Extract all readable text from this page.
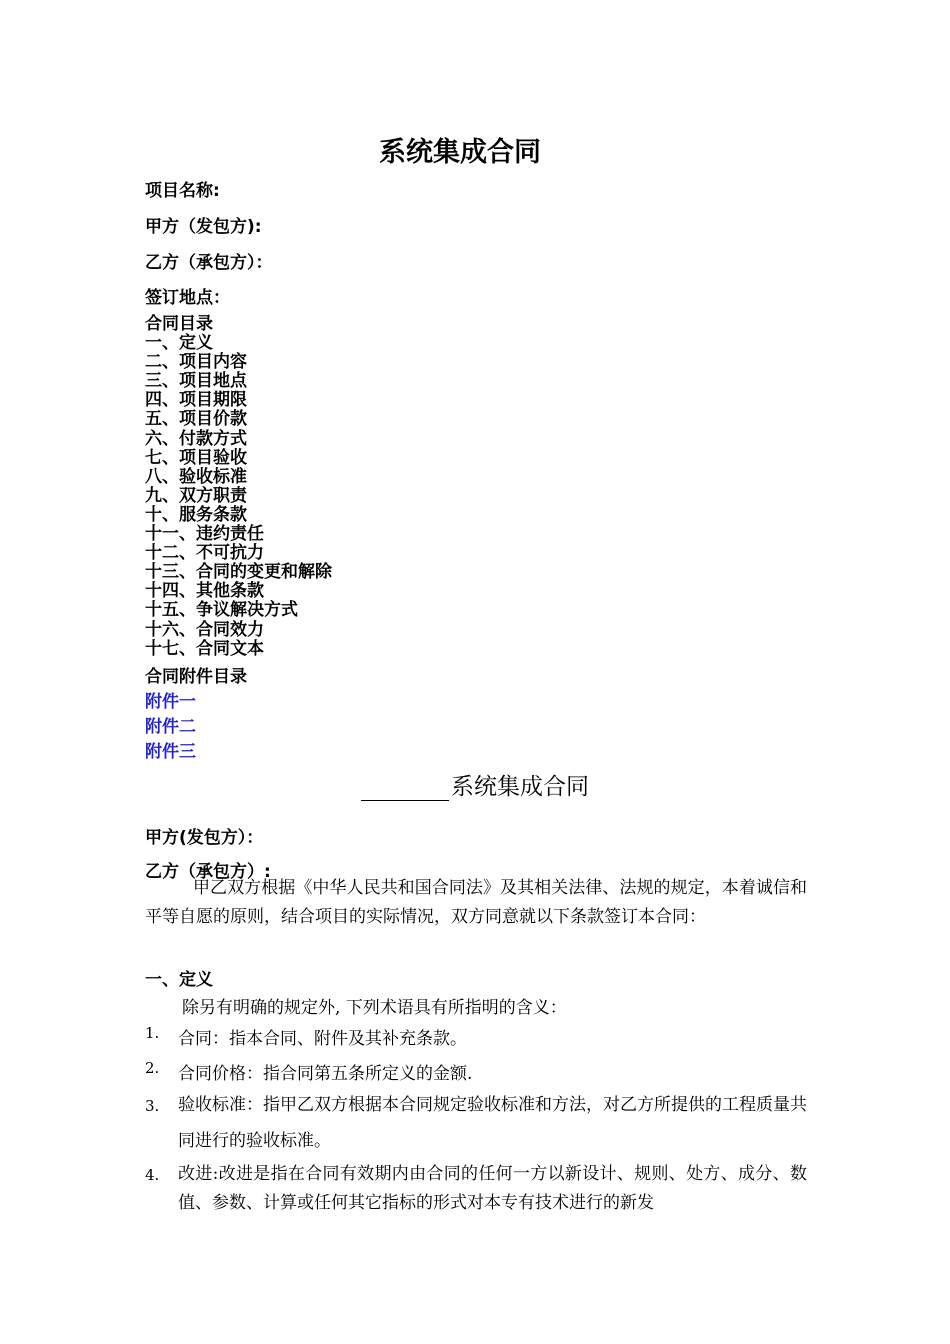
系统集成合同
项目名称:
甲方（发包方):
乙方（承包方）：
签订地点：
合同目录
一、定义
二、项目内容
三、项目地点
四、项目期限
五、项目价款
六、付款方式
七、项目验收
八、验收标准
九、双方职责
十、服务条款
十一、违约责任
十二、不可抗力
十三、合同的变更和解除
十四、其他条款
十五、争议解决方式
十六、合同效力
十七、合同文本
合同附件目录
附件一
附件二
附件三
系统集成合同
甲方(发包方）：
乙方（承包方）:
甲乙双方根据《中华人民共和国合同法》及其相关法律、法规的规定，本着诚信和平等自愿的原则，结合项目的实际情况，双方同意就以下条款签订本合同：
一、定义
除另有明确的规定外, 下列术语具有所指明的含义：
1. 合同：指本合同、附件及其补充条款。
2. 合同价格：指合同第五条所定义的金额.
3. 验收标准：指甲乙双方根据本合同规定验收标准和方法，对乙方所提供的工程质量共同进行的验收标准。
4. 改进:改进是指在合同有效期内由合同的任何一方以新设计、规则、处方、成分、数值、参数、计算或任何其它指标的形式对本专有技术进行的新发
